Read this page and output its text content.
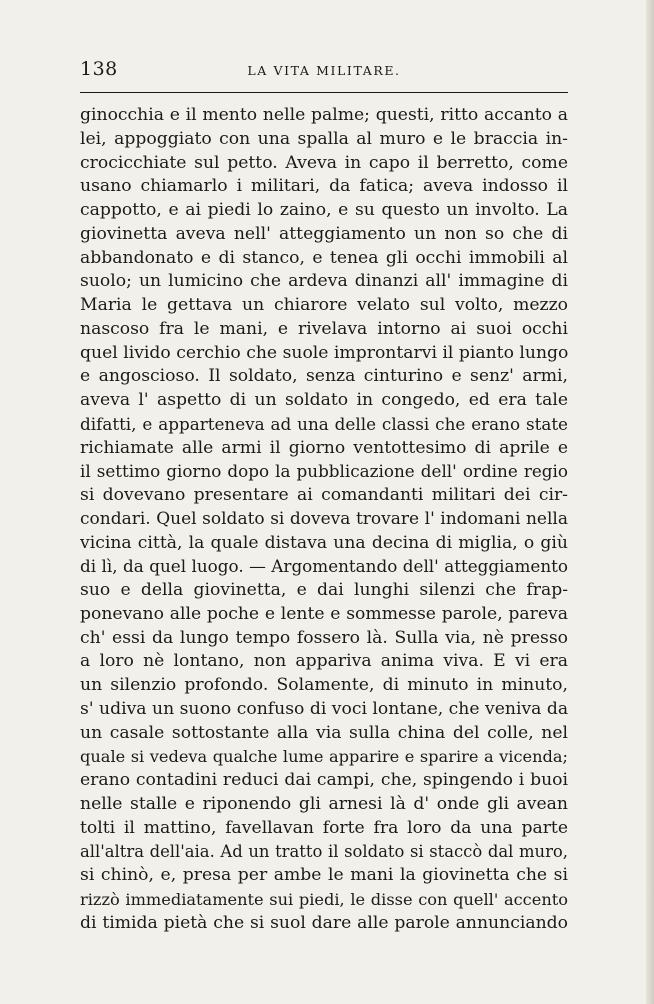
138	LA VITA MILITARE.
ginocchia e il mento nelle palme; questi, ritto accanto a
lei, appoggiato con una spalla al muro e le braccia in-
crocicchiate sul petto. Aveva in capo il berretto, come
usano chiamarlo i militari, da fatica; aveva indosso il
cappotto, e ai piedi lo zaino, e su questo un involto. La
giovinetta aveva nell' atteggiamento un non so che di
abbandonato e di stanco, e tenea gli occhi immobili al
suolo; un lumicino che ardeva dinanzi all' immagine di
Maria le gettava un chiarore velato sul volto, mezzo
nascoso fra le mani, e rivelava intorno ai suoi occhi
quel livido cerchio che suole improntarvi il pianto lungo
e angoscioso. Il soldato, senza cinturino e senz' armi,
aveva l' aspetto di un soldato in congedo, ed era tale
difatti, e apparteneva ad una delle classi che erano state
richiamate alle armi il giorno ventottesimo di aprile e
il settimo giorno dopo la pubblicazione dell' ordine regio
si dovevano presentare ai comandanti militari dei cir-
condari. Quel soldato si doveva trovare l' indomani nella
vicina città, la quale distava una decina di miglia, o giù
di lì, da quel luogo. — Argomentando dell' atteggiamento
suo e della giovinetta, e dai lunghi silenzi che frap-
ponevano alle poche e lente e sommesse parole, pareva
ch' essi da lungo tempo fossero là. Sulla via, nè presso
a loro nè lontano, non appariva anima viva. E vi era
un silenzio profondo. Solamente, di minuto in minuto,
s' udiva un suono confuso di voci lontane, che veniva da
un casale sottostante alla via sulla china del colle, nel
quale si vedeva qualche lume apparire e sparire a vicenda;
erano contadini reduci dai campi, che, spingendo i buoi
nelle stalle e riponendo gli arnesi là d' onde gli avean
tolti il mattino, favellavan forte fra loro da una parte
all'altra dell'aia. Ad un tratto il soldato si staccò dal muro,
si chinò, e, presa per ambe le mani la giovinetta che si
rizzò immediatamente sui piedi, le disse con quell' accento
di timida pietà che si suol dare alle parole annunciando
